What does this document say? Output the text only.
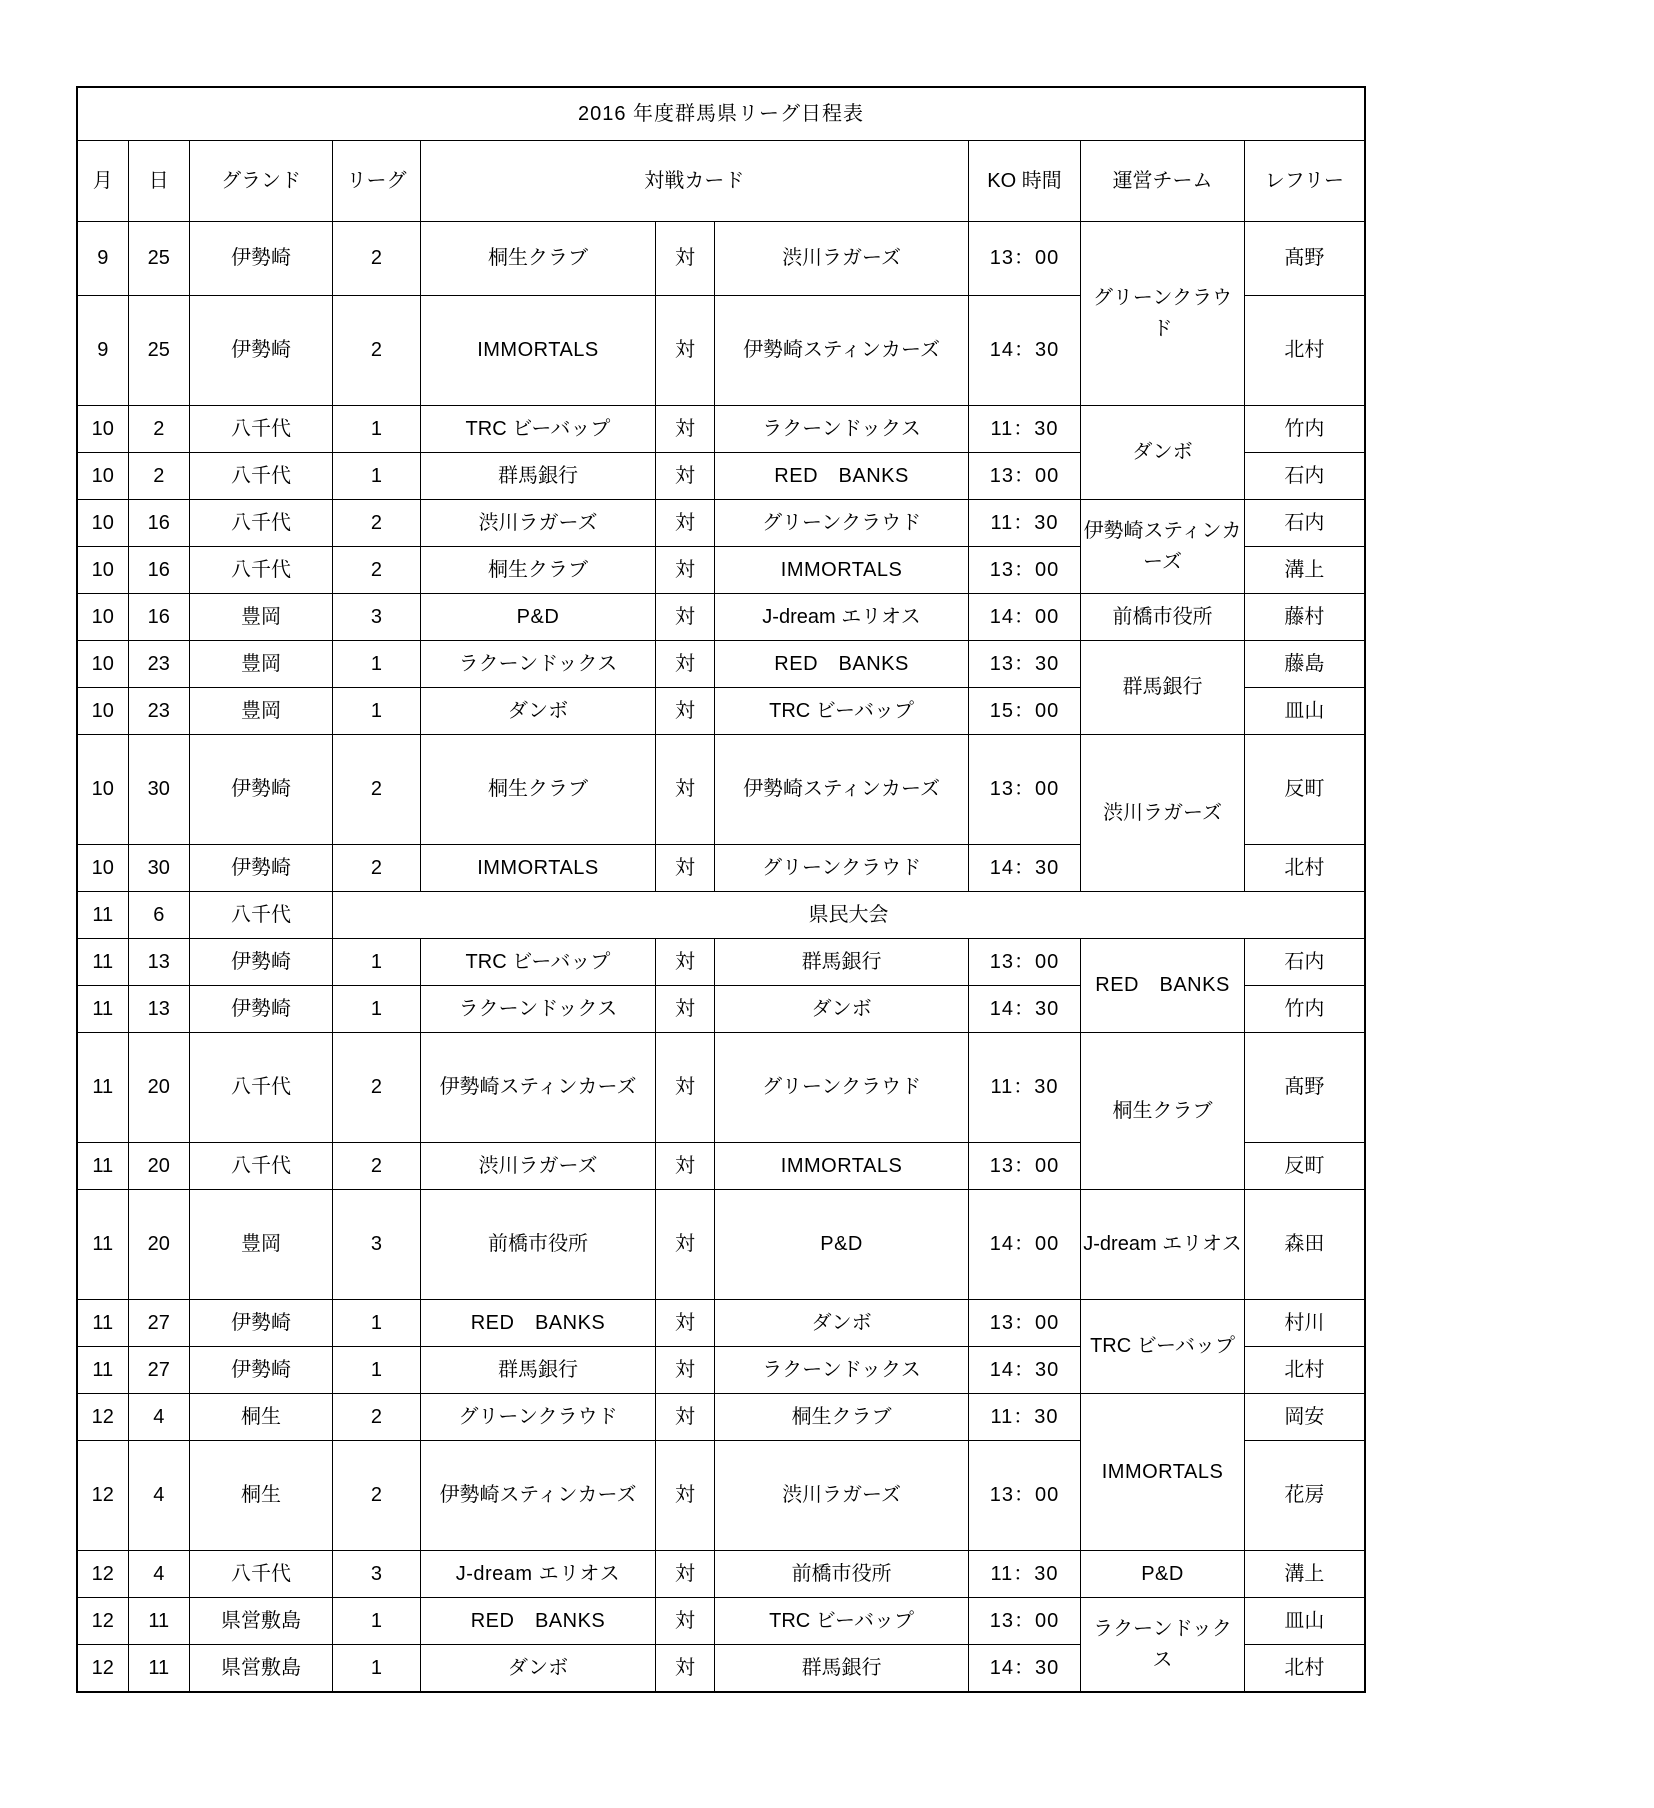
2016 年度群馬県リーグ日程表									
月	日	グランド	リーグ	対戦カード			KO 時間	運営チーム	レフリー
9	25	伊勢崎	2	桐生クラブ	対	渋川ラガーズ	13：00	グリーンクラウド	髙野
9	25	伊勢崎	2	IMMORTALS	対	伊勢崎スティンカーズ	14：30		北村
10	2	八千代	1	TRC ビーバップ	対	ラクーンドックス	11：30	ダンボ	竹内
10	2	八千代	1	群馬銀行	対	RED　BANKS	13：00		石内
10	16	八千代	2	渋川ラガーズ	対	グリーンクラウド	11：30	伊勢崎スティンカーズ	石内
10	16	八千代	2	桐生クラブ	対	IMMORTALS	13：00		溝上
10	16	豊岡	3	P&D	対	J-dream エリオス	14：00	前橋市役所	藤村
10	23	豊岡	1	ラクーンドックス	対	RED　BANKS	13：30	群馬銀行	藤島
10	23	豊岡	1	ダンボ	対	TRC ビーバップ	15：00		皿山
10	30	伊勢崎	2	桐生クラブ	対	伊勢崎スティンカーズ	13：00	渋川ラガーズ	反町
10	30	伊勢崎	2	IMMORTALS	対	グリーンクラウド	14：30		北村
11	6	八千代	県民大会						
11	13	伊勢崎	1	TRC ビーバップ	対	群馬銀行	13：00	RED　BANKS	石内
11	13	伊勢崎	1	ラクーンドックス	対	ダンボ	14：30		竹内
11	20	八千代	2	伊勢崎スティンカーズ	対	グリーンクラウド	11：30	桐生クラブ	髙野
11	20	八千代	2	渋川ラガーズ	対	IMMORTALS	13：00		反町
11	20	豊岡	3	前橋市役所	対	P&D	14：00	J-dream エリオス	森田
11	27	伊勢崎	1	RED　BANKS	対	ダンボ	13：00	TRC ビーバップ	村川
11	27	伊勢崎	1	群馬銀行	対	ラクーンドックス	14：30		北村
12	4	桐生	2	グリーンクラウド	対	桐生クラブ	11：30	IMMORTALS	岡安
12	4	桐生	2	伊勢崎スティンカーズ	対	渋川ラガーズ	13：00		花房
12	4	八千代	3	J-dream エリオス	対	前橋市役所	11：30	P&D	溝上
12	11	県営敷島	1	RED　BANKS	対	TRC ビーバップ	13：00	ラクーンドックス	皿山
12	11	県営敷島	1	ダンボ	対	群馬銀行	14：30		北村
